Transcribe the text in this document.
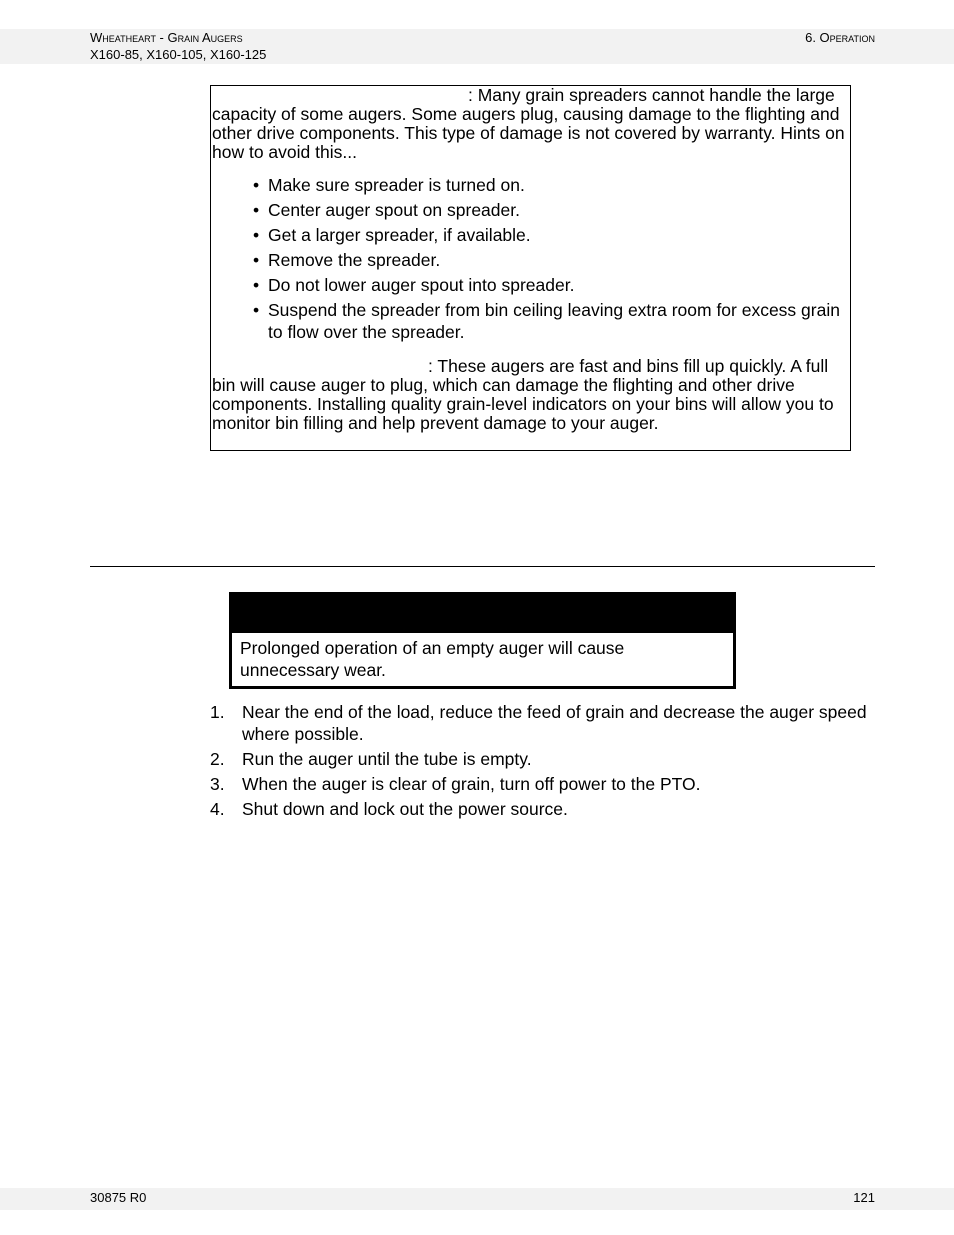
Wheatheart - Grain Augers
X160-85, X160-105, X160-125
6. Operation

: Many grain spreaders cannot handle the large capacity of some augers. Some augers plug, causing damage to the flighting and other drive components. This type of damage is not covered by warranty. Hints on how to avoid this...

• Make sure spreader is turned on.
• Center auger spout on spreader.
• Get a larger spreader, if available.
• Remove the spreader.
• Do not lower auger spout into spreader.
• Suspend the spreader from bin ceiling leaving extra room for excess grain to flow over the spreader.

: These augers are fast and bins fill up quickly. A full bin will cause auger to plug, which can damage the flighting and other drive components. Installing quality grain-level indicators on your bins will allow you to monitor bin filling and help prevent damage to your auger.

Prolonged operation of an empty auger will cause unnecessary wear.
1. Near the end of the load, reduce the feed of grain and decrease the auger speed where possible.
2. Run the auger until the tube is empty.
3. When the auger is clear of grain, turn off power to the PTO.
4. Shut down and lock out the power source.
30875 R0	121
